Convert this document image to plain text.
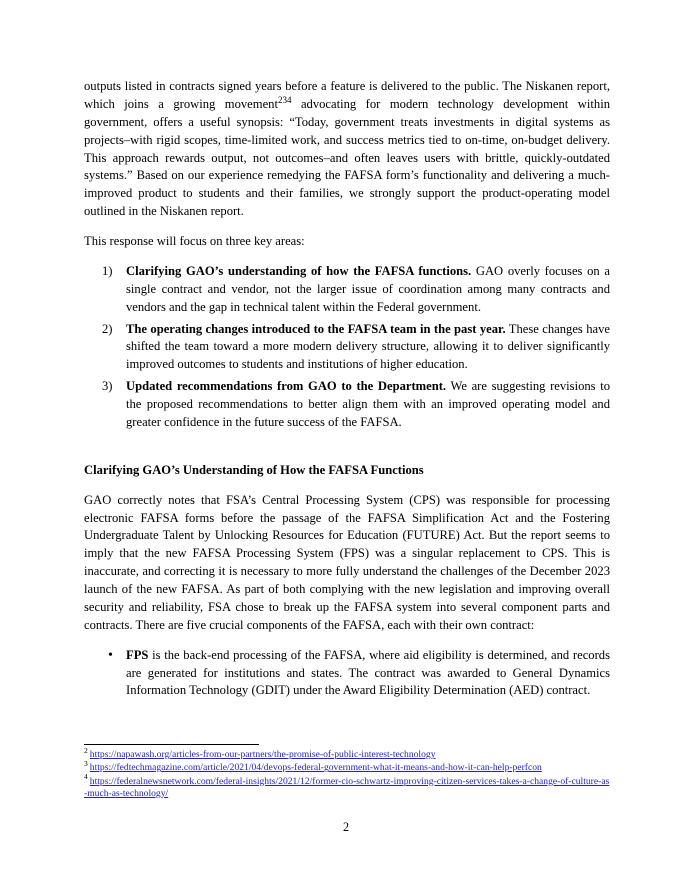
outputs listed in contracts signed years before a feature is delivered to the public. The Niskanen report, which joins a growing movement$^{234}$ advocating for modern technology development within government, offers a useful synopsis: “Today, government treats investments in digital systems as projects–with rigid scopes, time-limited work, and success metrics tied to on-time, on-budget delivery. This approach rewards output, not outcomes–and often leaves users with brittle, quickly-outdated systems.” Based on our experience remedying the FAFSA form’s functionality and delivering a much-improved product to students and their families, we strongly support the product-operating model outlined in the Niskanen report.

This response will focus on three key areas:

1)	Clarifying GAO’s understanding of how the FAFSA functions. GAO overly focuses on a single contract and vendor, not the larger issue of coordination among many contracts and vendors and the gap in technical talent within the Federal government.
2)	The operating changes introduced to the FAFSA team in the past year. These changes have shifted the team toward a more modern delivery structure, allowing it to deliver significantly improved outcomes to students and institutions of higher education.
3)	Updated recommendations from GAO to the Department. We are suggesting revisions to the proposed recommendations to better align them with an improved operating model and greater confidence in the future success of the FAFSA.
Clarifying GAO’s Understanding of How the FAFSA Functions

GAO correctly notes that FSA’s Central Processing System (CPS) was responsible for processing electronic FAFSA forms before the passage of the FAFSA Simplification Act and the Fostering Undergraduate Talent by Unlocking Resources for Education (FUTURE) Act. But the report seems to imply that the new FAFSA Processing System (FPS) was a singular replacement to CPS. This is inaccurate, and correcting it is necessary to more fully understand the challenges of the December 2023 launch of the new FAFSA. As part of both complying with the new legislation and improving overall security and reliability, FSA chose to break up the FAFSA system into several component parts and contracts. There are five crucial components of the FAFSA, each with their own contract:

• FPS is the back-end processing of the FAFSA, where aid eligibility is determined, and records are generated for institutions and states. The contract was awarded to General Dynamics Information Technology (GDIT) under the Award Eligibility Determination (AED) contract.

$^2$ https://napawash.org/articles-from-our-partners/the-promise-of-public-interest-technology

$^3$ https://fedtechmagazine.com/article/2021/04/devops-federal-government-what-it-means-and-how-it-can-help-perfcon

$^4$ https://federalnewsnetwork.com/federal-insights/2021/12/former-cio-schwartz-improving-citizen-services-takes-a-change-of-culture-as-much-as-technology/

2
